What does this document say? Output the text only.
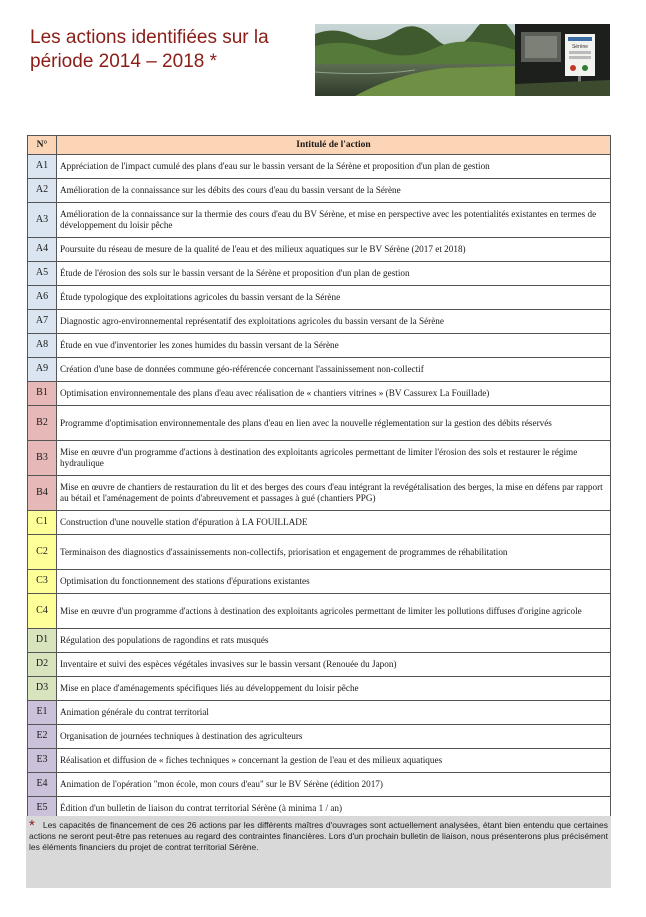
Les actions identifiées sur la
période 2014 – 2018 *
Sérène
N°	Intitulé de l'action
A1	Appréciation de l'impact cumulé des plans d'eau sur le bassin versant de la Sérène et proposition d'un plan de gestion
A2	Amélioration de la connaissance sur les débits des cours d'eau du bassin versant de la Sérène
A3	Amélioration de la connaissance sur la thermie des cours d'eau du BV Sérène, et mise en perspective avec les potentialités existantes en termes de développement du loisir pêche
A4	Poursuite du réseau de mesure de la qualité de l'eau et des milieux aquatiques sur le BV Sérène (2017 et 2018)
A5	Étude de l'érosion des sols sur le bassin versant de la Sérène et proposition d'un plan de gestion
A6	Étude typologique des exploitations agricoles du bassin versant de la Sérène
A7	Diagnostic agro-environnemental représentatif des exploitations agricoles du bassin versant de la Sérène
A8	Étude en vue d'inventorier les zones humides du bassin versant de la Sérène
A9	Création d'une base de données commune géo-référencée concernant l'assainissement non-collectif
B1	Optimisation environnementale des plans d'eau avec réalisation de « chantiers vitrines » (BV Cassurex La Fouillade)
B2	Programme d'optimisation environnementale des plans d'eau en lien avec la nouvelle réglementation sur la gestion des débits réservés
B3	Mise en œuvre d'un programme d'actions à destination des exploitants agricoles permettant de limiter l'érosion des sols et restaurer le régime hydraulique
B4	Mise en œuvre de chantiers de restauration du lit et des berges des cours d'eau intégrant la revégétalisation des berges, la mise en défens par rapport au bétail et l'aménagement de points d'abreuvement et passages à gué (chantiers PPG)
C1	Construction d'une nouvelle station d'épuration à LA FOUILLADE
C2	Terminaison des diagnostics d'assainissements non-collectifs, priorisation et engagement de programmes de réhabilitation
C3	Optimisation du fonctionnement des stations d'épurations existantes
C4	Mise en œuvre d'un programme d'actions à destination des exploitants agricoles permettant de limiter les pollutions diffuses d'origine agricole
D1	Régulation des populations de ragondins et rats musqués
D2	Inventaire et suivi des espèces végétales invasives sur le bassin versant (Renouée du Japon)
D3	Mise en place d'aménagements spécifiques liés au développement du loisir pêche
E1	Animation générale du contrat territorial
E2	Organisation de journées techniques à destination des agriculteurs
E3	Réalisation et diffusion de « fiches techniques » concernant la gestion de l'eau et des milieux aquatiques
E4	Animation de l'opération "mon école, mon cours d'eau" sur le BV Sérène (édition 2017)
E5	Édition d'un bulletin de liaison du contrat territorial Sérène (à minima 1 / an)
* Les capacités de financement de ces 26 actions par les différents maîtres d'ouvrages sont actuellement analysées, étant bien entendu que certaines actions ne seront peut-être pas retenues au regard des contraintes financières. Lors d'un prochain bulletin de liaison, nous présenterons plus précisément les éléments financiers du projet de contrat territorial Sérène.
